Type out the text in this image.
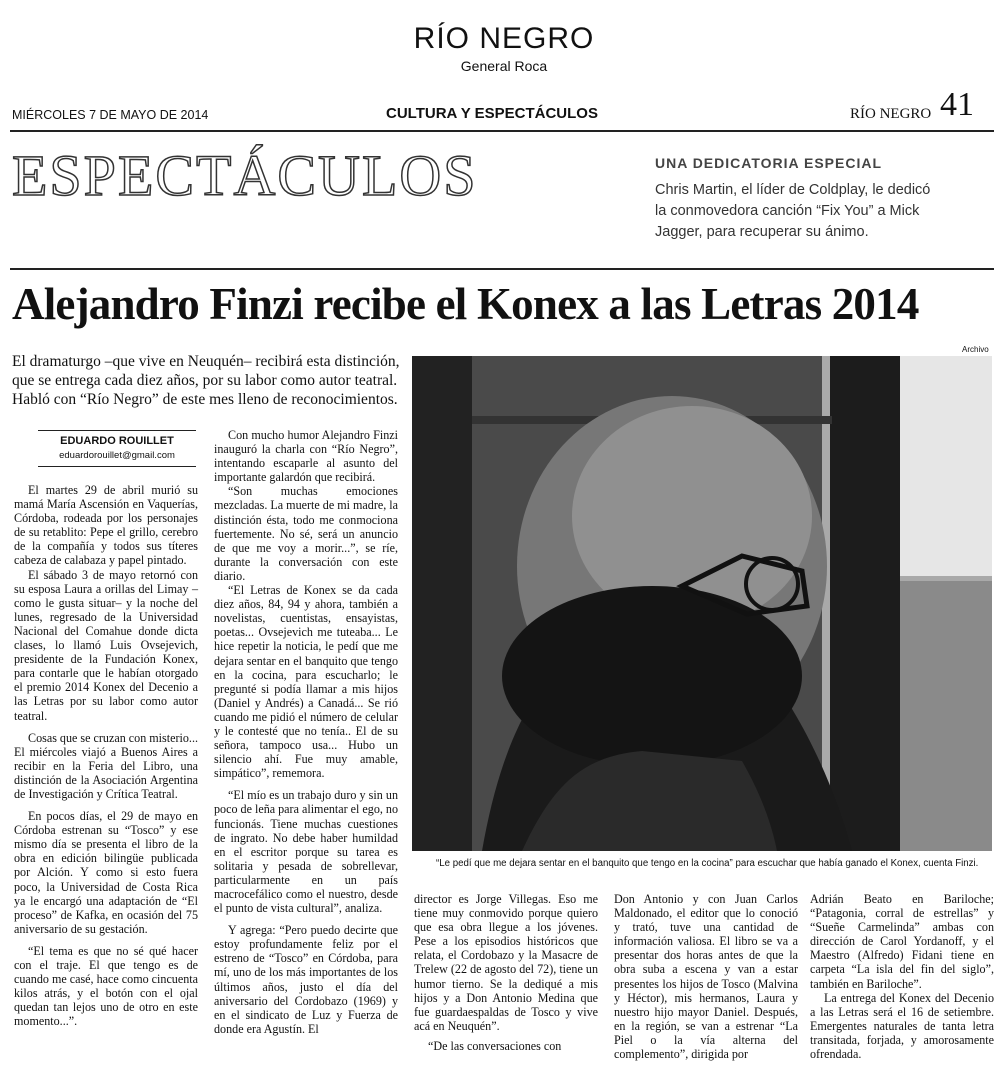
RÍO NEGRO
General Roca
MIÉRCOLES 7 DE MAYO DE 2014	CULTURA Y ESPECTÁCULOS	RÍO NEGRO 41
ESPECTÁCULOS	UNA DEDICATORIA ESPECIAL
Chris Martin, el líder de Coldplay, le dedicó
la conmovedora canción “Fix You” a Mick
Jagger, para recuperar su ánimo.
Alejandro Finzi recibe el Konex a las Letras 2014
El dramaturgo –que vive en Neuquén– recibirá esta distinción,
que se entrega cada diez años, por su labor como autor teatral.
Habló con “Río Negro” de este mes lleno de reconocimientos.
Archivo
“Le pedí que me dejara sentar en el banquito que tengo en la cocina” para escuchar que había ganado el Konex, cuenta Finzi.
EDUARDO ROUILLET
eduardorouillet@gmail.com

El martes 29 de abril murió su mamá María Ascensión en Vaquerías, Córdoba, rodeada por los personajes de su retablito: Pepe el grillo, cerebro de la compañía y todos sus títeres cabeza de calabaza y papel pintado.

El sábado 3 de mayo retornó con su esposa Laura a orillas del Limay –como le gusta situar– y la noche del lunes, regresado de la Universidad Nacional del Comahue donde dicta clases, lo llamó Luis Ovsejevich, presidente de la Fundación Konex, para contarle que le habían otorgado el premio 2014 Konex del Decenio a las Letras por su labor como autor teatral.

Cosas que se cruzan con misterio... El miércoles viajó a Buenos Aires a recibir en la Feria del Libro, una distinción de la Asociación Argentina de Investigación y Crítica Teatral.

En pocos días, el 29 de mayo en Córdoba estrenan su “Tosco” y ese mismo día se presenta el libro de la obra en edición bilingüe publicada por Alción. Y como si esto fuera poco, la Universidad de Costa Rica ya le encargó una adaptación de “El proceso” de Kafka, en ocasión del 75 aniversario de su gestación.

“El tema es que no sé qué hacer con el traje. El que tengo es de cuando me casé, hace como cincuenta kilos atrás, y el botón con el ojal quedan tan lejos uno de otro en este momento...”.

Con mucho humor Alejandro Finzi inauguró la charla con “Río Negro”, intentando escaparle al asunto del importante galardón que recibirá.

“Son muchas emociones mezcladas. La muerte de mi madre, la distinción ésta, todo me conmociona fuertemente. No sé, será un anuncio de que me voy a morir...”, se ríe, durante la conversación con este diario.

“El Letras de Konex se da cada diez años, 84, 94 y ahora, también a novelistas, cuentistas, ensayistas, poetas... Ovsejevich me tuteaba... Le hice repetir la noticia, le pedí que me dejara sentar en el banquito que tengo en la cocina, para escucharlo; le pregunté si podía llamar a mis hijos (Daniel y Andrés) a Canadá... Se rió cuando me pidió el número de celular y le contesté que no tenía.. El de su señora, tampoco usa... Hubo un silencio ahí. Fue muy amable, simpático”, rememora.

“El mío es un trabajo duro y sin un poco de leña para alimentar el ego, no funcionás. Tiene muchas cuestiones de ingrato. No debe haber humildad en el escritor porque su tarea es solitaria y pesada de sobrellevar, particularmente en un país macrocefálico como el nuestro, desde el punto de vista cultural”, analiza.

Y agrega: “Pero puedo decirte que estoy profundamente feliz por el estreno de “Tosco” en Córdoba, para mí, uno de los más importantes de los últimos años, justo el día del aniversario del Cordobazo (1969) y en el sindicato de Luz y Fuerza de donde era Agustín. El

director es Jorge Villegas. Eso me tiene muy conmovido porque quiero que esa obra llegue a los jóvenes. Pese a los episodios históricos que relata, el Cordobazo y la Masacre de Trelew (22 de agosto del 72), tiene un humor tierno. Se la dediqué a mis hijos y a Don Antonio Medina que fue guardaespaldas de Tosco y vive acá en Neuquén”.

“De las conversaciones con

Don Antonio y con Juan Carlos Maldonado, el editor que lo conoció y trató, tuve una cantidad de información valiosa. El libro se va a presentar dos horas antes de que la obra suba a escena y van a estar presentes los hijos de Tosco (Malvina y Héctor), mis hermanos, Laura y nuestro hijo mayor Daniel. Después, en la región, se van a estrenar “La Piel o la vía alterna del complemento”, dirigida por

Adrián Beato en Bariloche; “Patagonia, corral de estrellas” y “Sueñe Carmelinda” ambas con dirección de Carol Yordanoff, y el Maestro (Alfredo) Fidani tiene en carpeta “La isla del fin del siglo”, también en Bariloche”.

La entrega del Konex del Decenio a las Letras será el 16 de setiembre. Emergentes naturales de tanta letra transitada, forjada, y amorosamente ofrendada.
